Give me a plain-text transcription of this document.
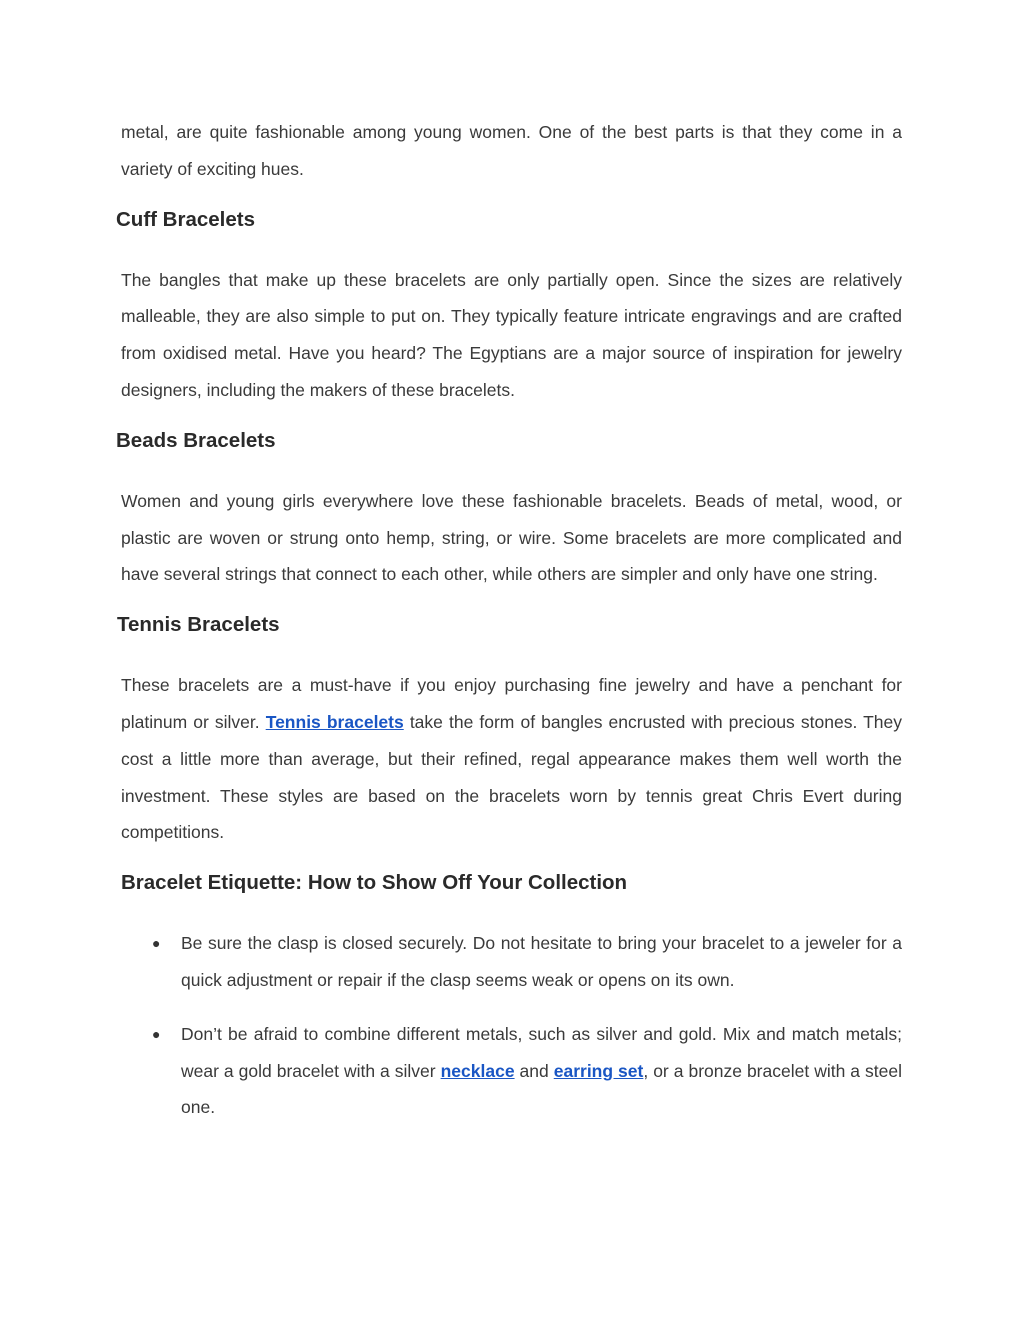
metal, are quite fashionable among young women. One of the best parts is that they come in a variety of exciting hues.

Cuff Bracelets

The bangles that make up these bracelets are only partially open. Since the sizes are relatively malleable, they are also simple to put on. They typically feature intricate engravings and are crafted from oxidised metal. Have you heard? The Egyptians are a major source of inspiration for jewelry designers, including the makers of these bracelets.

Beads Bracelets

Women and young girls everywhere love these fashionable bracelets. Beads of metal, wood, or plastic are woven or strung onto hemp, string, or wire. Some bracelets are more complicated and have several strings that connect to each other, while others are simpler and only have one string.

Tennis Bracelets

These bracelets are a must-have if you enjoy purchasing fine jewelry and have a penchant for platinum or silver. Tennis bracelets take the form of bangles encrusted with precious stones. They cost a little more than average, but their refined, regal appearance makes them well worth the investment. These styles are based on the bracelets worn by tennis great Chris Evert during competitions.

Bracelet Etiquette: How to Show Off Your Collection
● Be sure the clasp is closed securely. Do not hesitate to bring your bracelet to a jeweler for a quick adjustment or repair if the clasp seems weak or opens on its own.
● Don’t be afraid to combine different metals, such as silver and gold. Mix and match metals; wear a gold bracelet with a silver necklace and earring set, or a bronze bracelet with a steel one.
